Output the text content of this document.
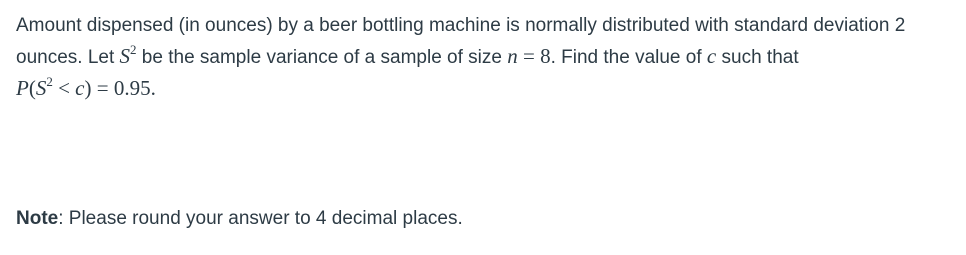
Amount dispensed (in ounces) by a beer bottling machine is normally distributed with standard deviation 2
ounces. Let $S^2$ be the sample variance of a sample of size n = 8. Find the value of c such that
$P(S^2 < c) = 0.95$.
Note: Please round your answer to 4 decimal places.
